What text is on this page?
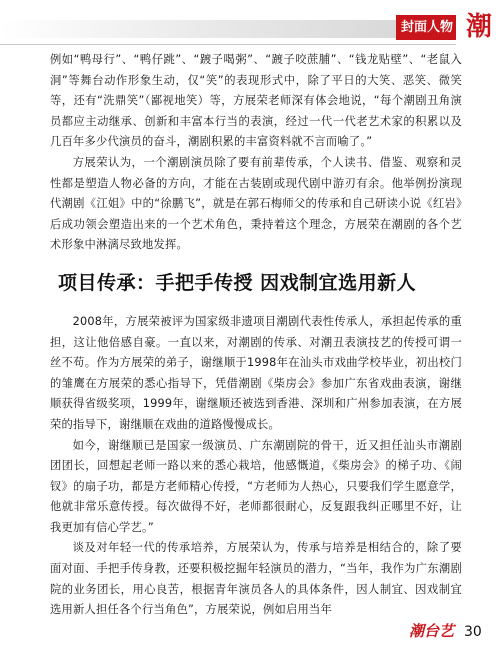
封面人物 潮

例如“鸭母行”、“鸭仔跳”、“踱子喝粥”、“踱子咬蔗脯”、“钱龙贴壁”、“老鼠入洞”等舞台动作形象生动，仅“笑”的表现形式中，除了平日的大笑、恶笑、微笑等，还有“洗鼎笑”（鄙视地笑）等，方展荣老师深有体会地说，“每个潮剧丑角演员都应主动继承、创新和丰富本行当的表演，经过一代一代老艺术家的积累以及几百年多少代演员的奋斗，潮剧积累的丰富资料就不言而喻了。”

方展荣认为，一个潮剧演员除了要有前辈传承，个人读书、借鉴、观察和灵性都是塑造人物必备的方向，才能在古装剧或现代剧中游刃有余。他举例扮演现代潮剧《江姐》中的“徐鹏飞”，就是在郭石梅师父的传承和自己研读小说《红岩》后成功领会塑造出来的一个艺术角色，秉持着这个理念，方展荣在潮剧的各个艺术形象中淋漓尽致地发挥。

项目传承：手把手传授 因戏制宜选用新人

2008年，方展荣被评为国家级非遗项目潮剧代表性传承人，承担起传承的重担，这让他倍感自豪。一直以来，对潮剧的传承、对潮丑表演技艺的传授可谓一丝不苟。作为方展荣的弟子，谢继顺于1998年在汕头市戏曲学校毕业，初出校门的雏鹰在方展荣的悉心指导下，凭借潮剧《柴房会》参加广东省戏曲表演，谢继顺获得省级奖项，1999年，谢继顺还被选到香港、深圳和广州参加表演，在方展荣的指导下，谢继顺在戏曲的道路慢慢成长。

如今，谢继顺已是国家一级演员、广东潮剧院的骨干，近又担任汕头市潮剧团团长，回想起老师一路以来的悉心栽培，他感慨道，《柴房会》的梯子功、《闹钗》的扇子功，都是方老师精心传授，“方老师为人热心，只要我们学生愿意学，他就非常乐意传授。每次做得不好，老师都很耐心，反复跟我纠正哪里不好，让我更加有信心学艺。”

谈及对年轻一代的传承培养，方展荣认为，传承与培养是相结合的，除了要面对面、手把手传身教，还要积极挖掘年轻演员的潜力，“当年，我作为广东潮剧院的业务团长，用心良苦，根据青年演员各人的具体条件，因人制宜、因戏制宜选用新人担任各个行当角色”，方展荣说，例如启用当年

潮台艺 30
